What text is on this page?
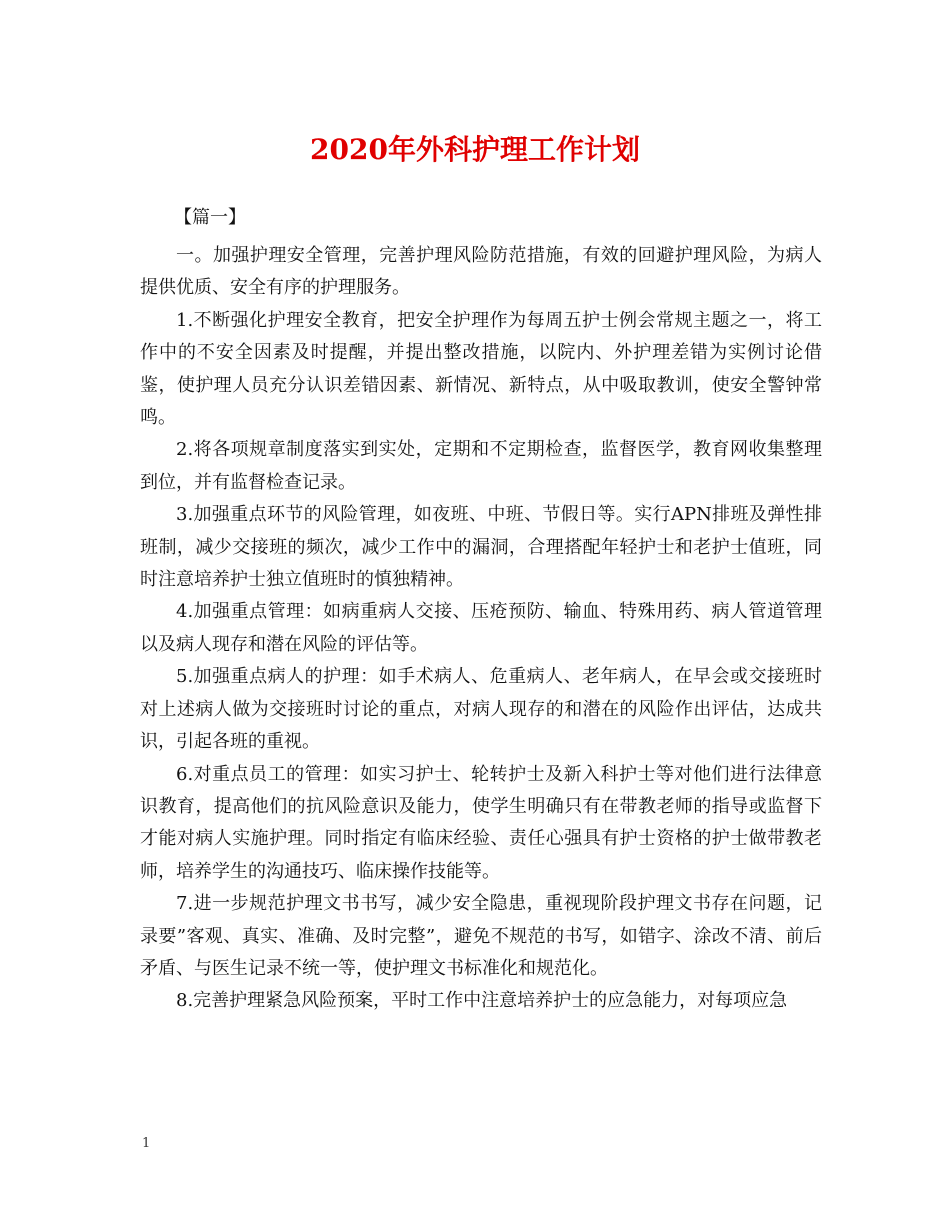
2020年外科护理工作计划
【篇一】

一。加强护理安全管理，完善护理风险防范措施，有效的回避护理风险，为病人提供优质、安全有序的护理服务。

1.不断强化护理安全教育，把安全护理作为每周五护士例会常规主题之一，将工作中的不安全因素及时提醒，并提出整改措施，以院内、外护理差错为实例讨论借鉴，使护理人员充分认识差错因素、新情况、新特点，从中吸取教训，使安全警钟常鸣。

2.将各项规章制度落实到实处，定期和不定期检查，监督医学，教育网收集整理到位，并有监督检查记录。

3.加强重点环节的风险管理，如夜班、中班、节假日等。实行APN排班及弹性排班制，减少交接班的频次，减少工作中的漏洞，合理搭配年轻护士和老护士值班，同时注意培养护士独立值班时的慎独精神。

4.加强重点管理：如病重病人交接、压疮预防、输血、特殊用药、病人管道管理以及病人现存和潜在风险的评估等。

5.加强重点病人的护理：如手术病人、危重病人、老年病人，在早会或交接班时对上述病人做为交接班时讨论的重点，对病人现存的和潜在的风险作出评估，达成共识，引起各班的重视。

6.对重点员工的管理：如实习护士、轮转护士及新入科护士等对他们进行法律意识教育，提高他们的抗风险意识及能力，使学生明确只有在带教老师的指导或监督下才能对病人实施护理。同时指定有临床经验、责任心强具有护士资格的护士做带教老师，培养学生的沟通技巧、临床操作技能等。

7.进一步规范护理文书书写，减少安全隐患，重视现阶段护理文书存在问题，记录要”客观、真实、准确、及时完整”，避免不规范的书写，如错字、涂改不清、前后矛盾、与医生记录不统一等，使护理文书标准化和规范化。

8.完善护理紧急风险预案，平时工作中注意培养护士的应急能力，对每项应急

1
